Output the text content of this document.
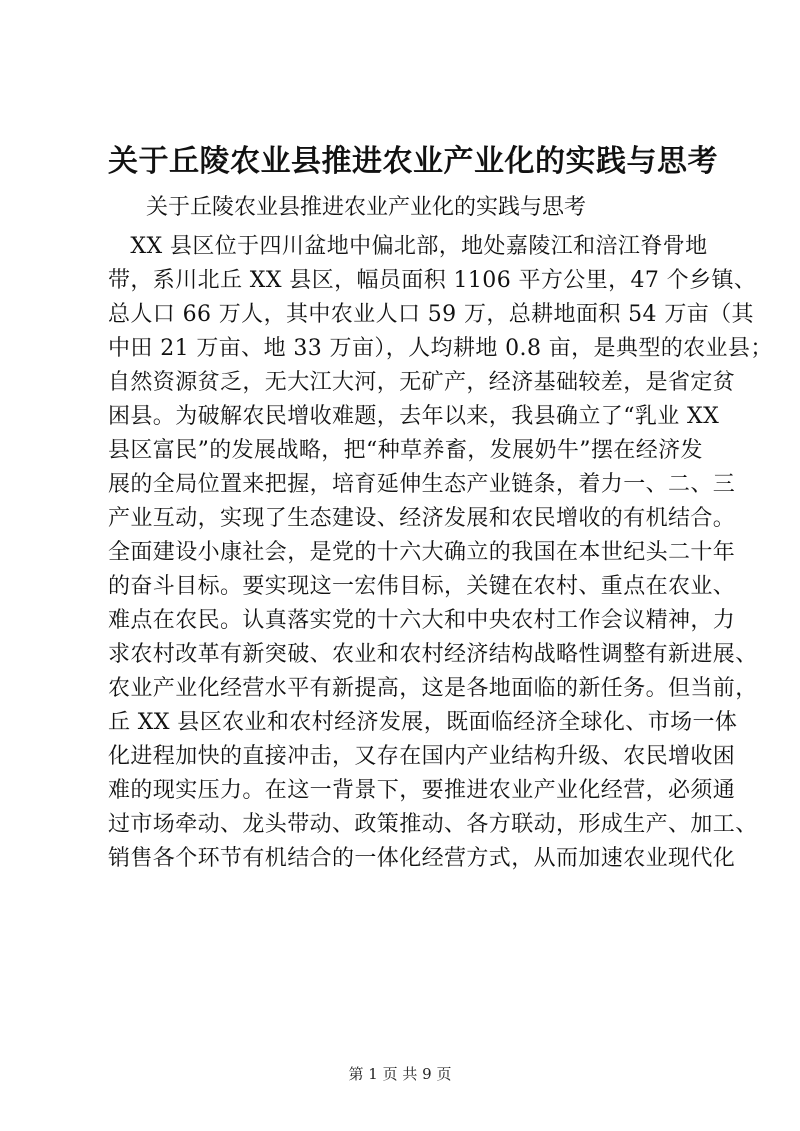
关于丘陵农业县推进农业产业化的实践与思考
关于丘陵农业县推进农业产业化的实践与思考
　XX 县区位于四川盆地中偏北部，地处嘉陵江和涪江脊骨地
带，系川北丘 XX 县区，幅员面积 1106 平方公里，47 个乡镇、
总人口 66 万人，其中农业人口 59 万，总耕地面积 54 万亩（其
中田 21 万亩、地 33 万亩），人均耕地 0.8 亩，是典型的农业县；
自然资源贫乏，无大江大河，无矿产，经济基础较差，是省定贫
困县。为破解农民增收难题，去年以来，我县确立了“乳业 XX
县区富民”的发展战略，把“种草养畜，发展奶牛”摆在经济发
展的全局位置来把握，培育延伸生态产业链条，着力一、二、三
产业互动，实现了生态建设、经济发展和农民增收的有机结合。
全面建设小康社会，是党的十六大确立的我国在本世纪头二十年
的奋斗目标。要实现这一宏伟目标，关键在农村、重点在农业、
难点在农民。认真落实党的十六大和中央农村工作会议精神，力
求农村改革有新突破、农业和农村经济结构战略性调整有新进展、
农业产业化经营水平有新提高，这是各地面临的新任务。但当前，
丘 XX 县区农业和农村经济发展，既面临经济全球化、市场一体
化进程加快的直接冲击，又存在国内产业结构升级、农民增收困
难的现实压力。在这一背景下，要推进农业产业化经营，必须通
过市场牵动、龙头带动、政策推动、各方联动，形成生产、加工、
销售各个环节有机结合的一体化经营方式，从而加速农业现代化
第 1 页 共 9 页
